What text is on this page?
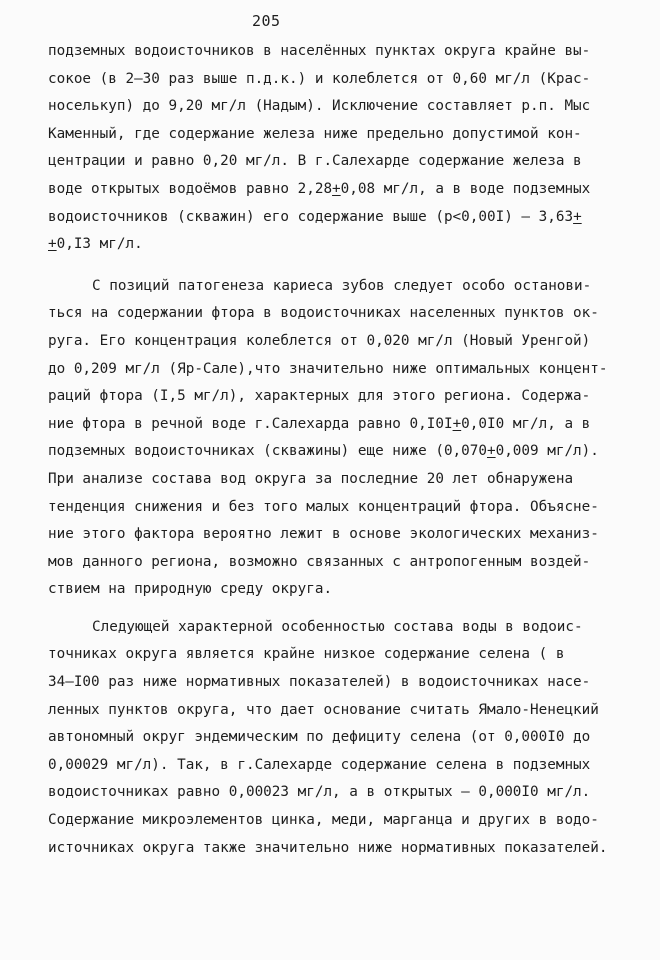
205
подземных водоисточников в населённых пунктах округа крайне вы-
сокое (в 2–30 раз выше п.д.к.) и колеблется от 0,60 мг/л (Крас-
носелькуп) до 9,20 мг/л (Надым). Исключение составляет р.п. Мыс
Каменный, где содержание железа ниже предельно допустимой кон-
центрации и равно 0,20 мг/л. В г.Салехарде содержание железа в
воде открытых водоёмов равно 2,28+0,08 мг/л, а в воде подземных
водоисточников (скважин) его содержание выше (p<0,00I) – 3,63+
+0,I3 мг/л.
С позиций патогенеза кариеса зубов следует особо останови-
ться на содержании фтора в водоисточниках населенных пунктов ок-
руга. Его концентрация колеблется от 0,020 мг/л (Новый Уренгой)
до 0,209 мг/л (Яр-Сале),что значительно ниже оптимальных концент-
раций фтора (I,5 мг/л), характерных для этого региона. Содержа-
ние фтора в речной воде г.Салехарда равно 0,I0I+0,0I0 мг/л, а в
подземных водоисточниках (скважины) еще ниже (0,070+0,009 мг/л).
При анализе состава вод округа за последние 20 лет обнаружена
тенденция снижения и без того малых концентраций фтора. Объясне-
ние этого фактора вероятно лежит в основе экологических механиз-
мов данного региона, возможно связанных с антропогенным воздей-
ствием на природную среду округа.
Следующей характерной особенностью состава воды в водоис-
точниках округа является крайне низкое содержание селена ( в
34–I00 раз ниже нормативных показателей) в водоисточниках насе-
ленных пунктов округа, что дает основание считать Ямало-Ненецкий
автономный округ эндемическим по дефициту селена (от 0,000I0 до
0,00029 мг/л). Так, в г.Салехарде содержание селена в подземных
водоисточниках равно 0,00023 мг/л, а в открытых – 0,000I0 мг/л.
Содержание микроэлементов цинка, меди, марганца и других в водо-
источниках округа также значительно ниже нормативных показателей.
